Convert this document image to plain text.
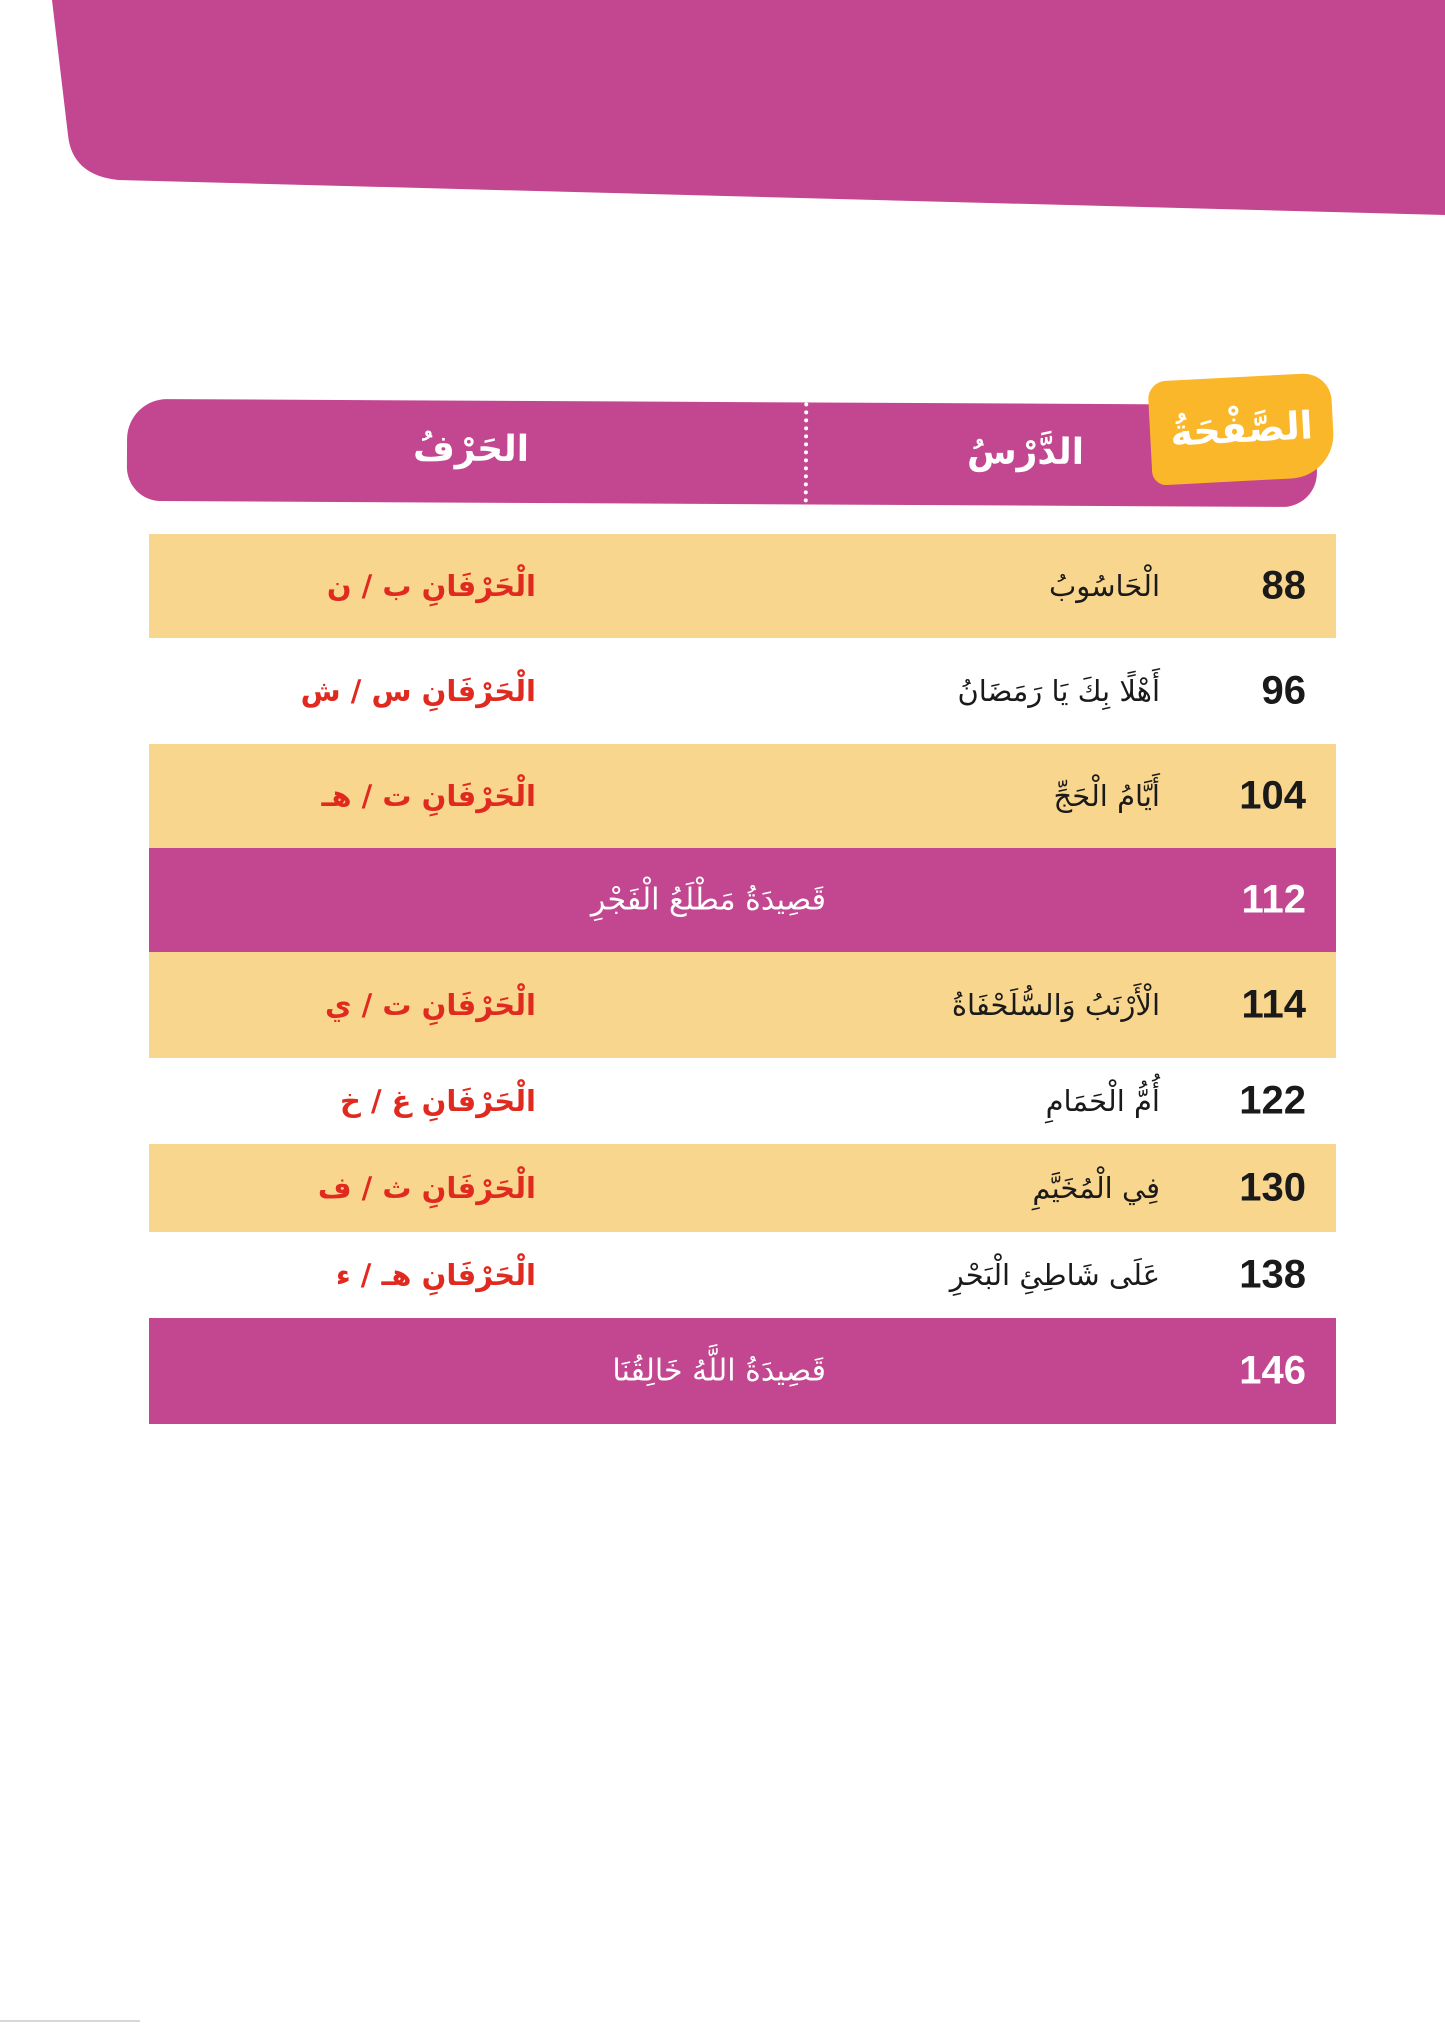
الدَّرْسُ
الحَرْفُ	الصَّفْحَةُ
88
الْحَاسُوبُ
الْحَرْفَانِ ب / ن
96
أَهْلًا بِكَ يَا رَمَضَانُ
الْحَرْفَانِ س / ش
104
أَيَّامُ الْحَجِّ
الْحَرْفَانِ ت / هـ
112
قَصِيدَةُ مَطْلَعُ الْفَجْرِ
114
الْأَرْنَبُ وَالسُّلَحْفَاةُ
الْحَرْفَانِ ت / ي
122
أُمُّ الْحَمَامِ
الْحَرْفَانِ غ / خ
130
فِي الْمُخَيَّمِ
الْحَرْفَانِ ث / ف
138
عَلَى شَاطِئِ الْبَحْرِ
الْحَرْفَانِ هـ / ء
146
قَصِيدَةُ اللَّهُ خَالِقُنَا
